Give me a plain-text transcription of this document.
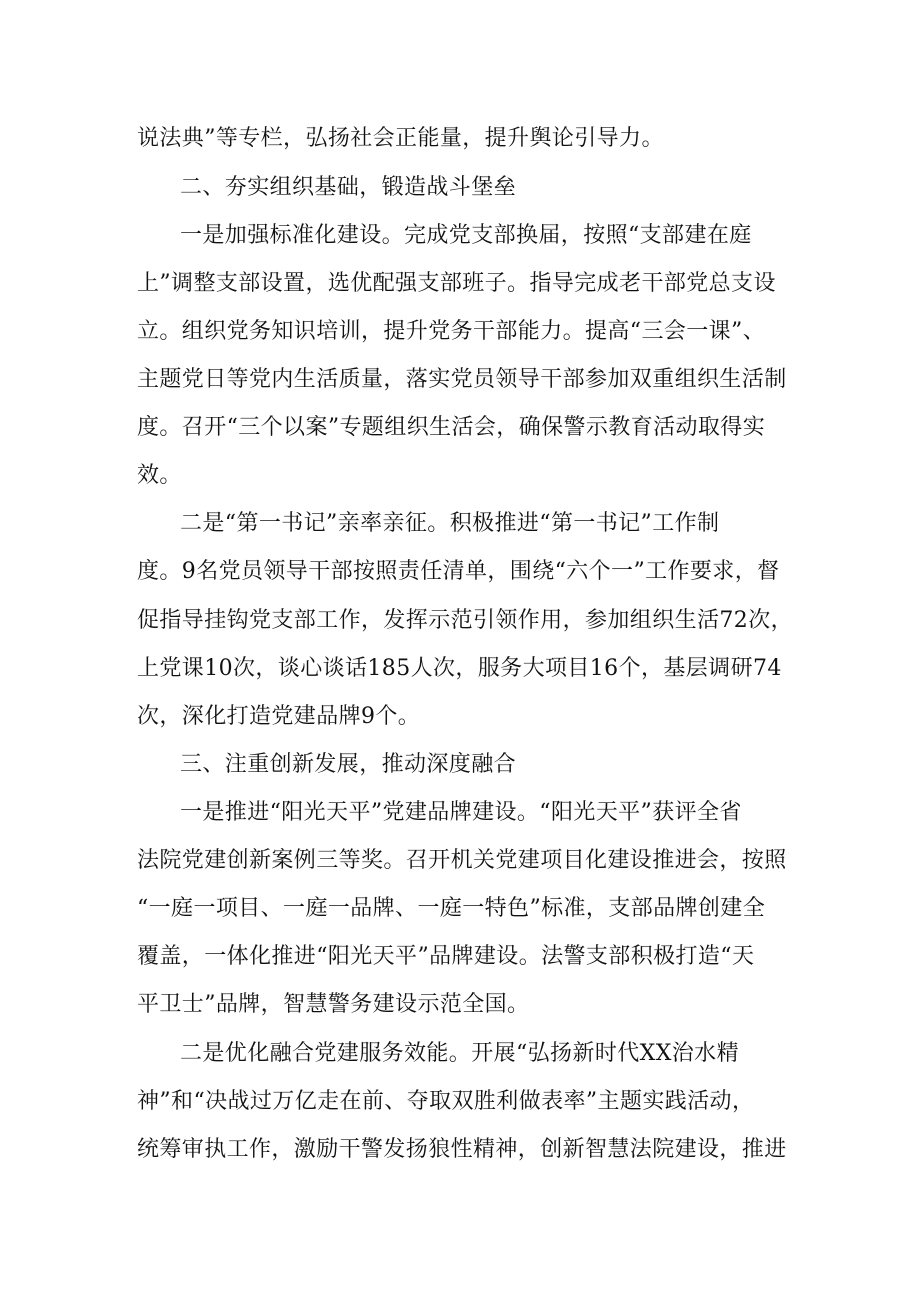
说法典”等专栏，弘扬社会正能量，提升舆论引导力。
二、夯实组织基础，锻造战斗堡垒
一是加强标准化建设。完成党支部换届，按照“支部建在庭
上”调整支部设置，选优配强支部班子。指导完成老干部党总支设
立。组织党务知识培训，提升党务干部能力。提高“三会一课”、
主题党日等党内生活质量，落实党员领导干部参加双重组织生活制
度。召开“三个以案”专题组织生活会，确保警示教育活动取得实
效。
二是“第一书记”亲率亲征。积极推进“第一书记”工作制
度。9名党员领导干部按照责任清单，围绕“六个一”工作要求，督
促指导挂钩党支部工作，发挥示范引领作用，参加组织生活72次，
上党课10次，谈心谈话185人次，服务大项目16个，基层调研74
次，深化打造党建品牌9个。
三、注重创新发展，推动深度融合
一是推进“阳光天平”党建品牌建设。“阳光天平”获评全省
法院党建创新案例三等奖。召开机关党建项目化建设推进会，按照
“一庭一项目、一庭一品牌、一庭一特色”标准，支部品牌创建全
覆盖，一体化推进“阳光天平”品牌建设。法警支部积极打造“天
平卫士”品牌，智慧警务建设示范全国。
二是优化融合党建服务效能。开展“弘扬新时代XX治水精
神”和“决战过万亿走在前、夺取双胜利做表率”主题实践活动，
统筹审执工作，激励干警发扬狼性精神，创新智慧法院建设，推进
